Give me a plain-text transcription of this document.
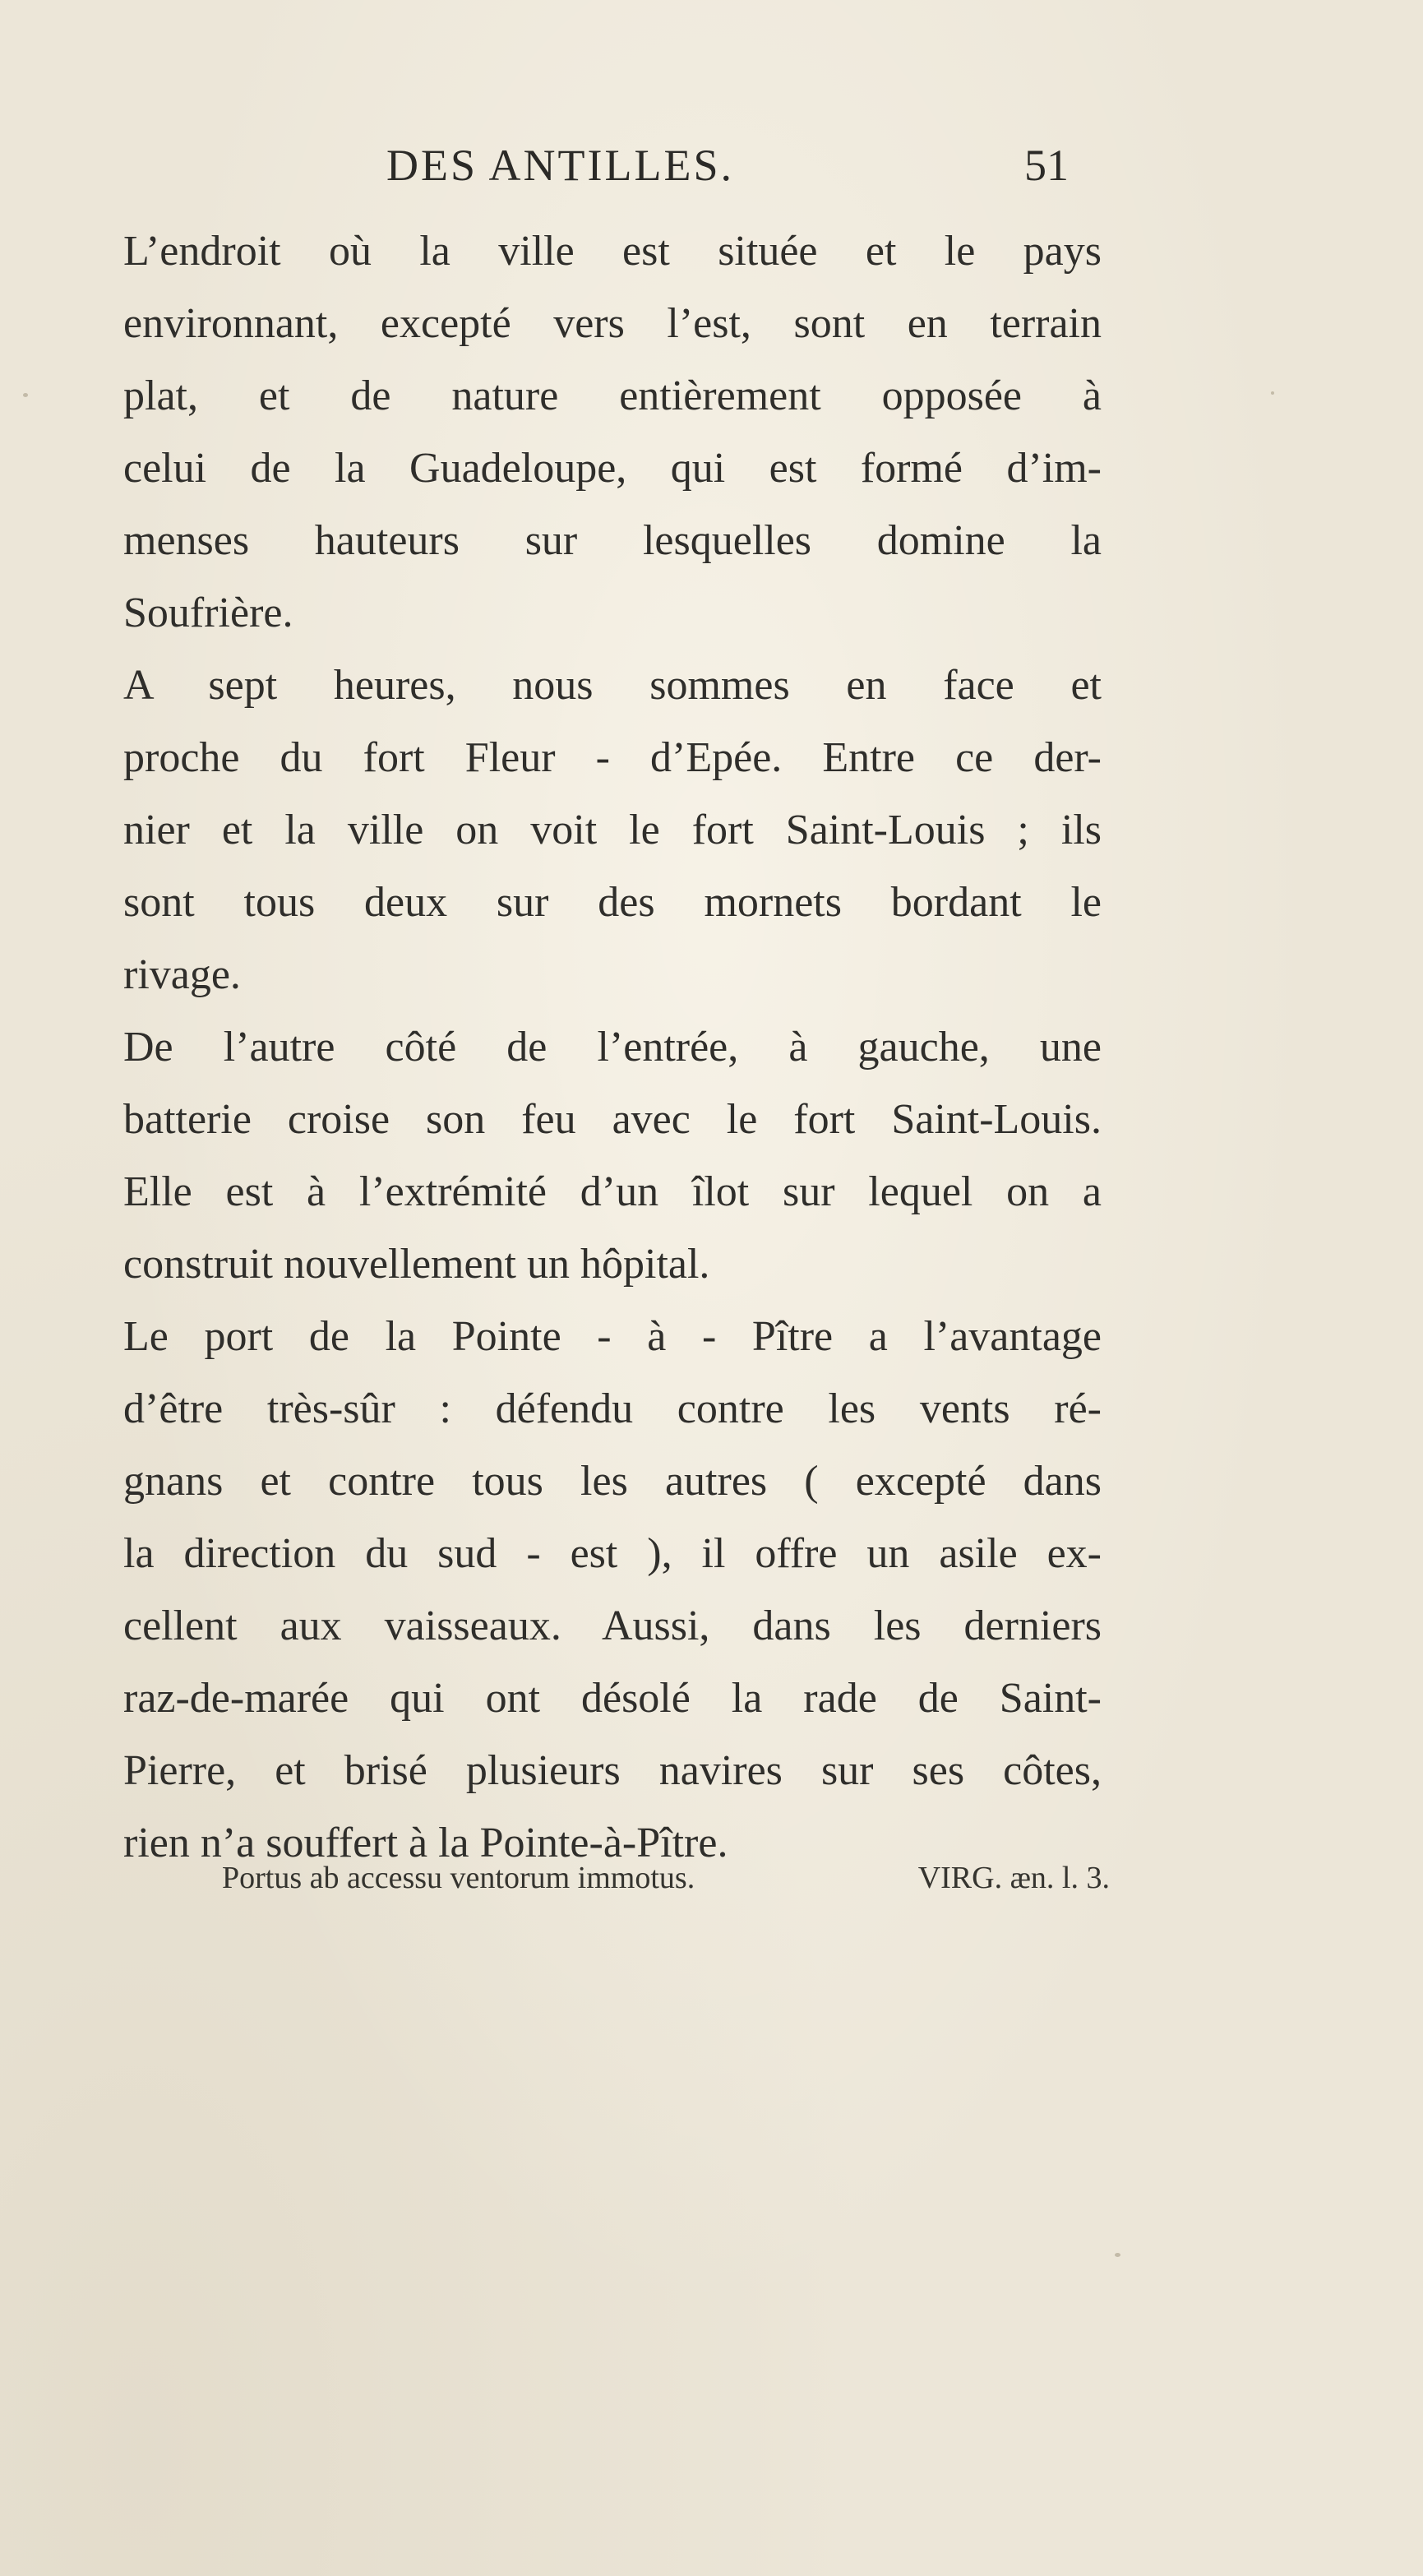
DES ANTILLES.	51
L’endroit où la ville est située et le pays
environnant, excepté vers l’est, sont en terrain
plat, et de nature entièrement opposée à
celui de la Guadeloupe, qui est formé d’im-
menses hauteurs sur lesquelles domine la
Soufrière.
A sept heures, nous sommes en face et
proche du fort Fleur - d’Epée. Entre ce der-
nier et la ville on voit le fort Saint-Louis ; ils
sont tous deux sur des mornets bordant le
rivage.
De l’autre côté de l’entrée, à gauche, une
batterie croise son feu avec le fort Saint-Louis.
Elle est à l’extrémité d’un îlot sur lequel on a
construit nouvellement un hôpital.
Le port de la Pointe - à - Pître a l’avantage
d’être très-sûr : défendu contre les vents ré-
gnans et contre tous les autres ( excepté dans
la direction du sud - est ), il offre un asile ex-
cellent aux vaisseaux. Aussi, dans les derniers
raz-de-marée qui ont désolé la rade de Saint-
Pierre, et brisé plusieurs navires sur ses côtes,
rien n’a souffert à la Pointe-à-Pître.
Portus ab accessu ventorum immotus.	VIRG. æn. l. 3.
